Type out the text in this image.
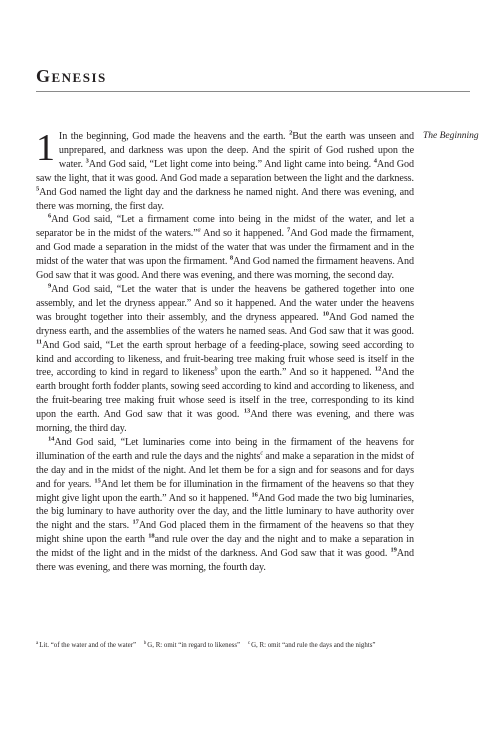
Genesis
The Beginning

1 In the beginning, God made the heavens and the earth. $^2$But the earth was unseen and unprepared, and darkness was upon the deep. And the spirit of God rushed upon the water. $^3$And God said, “Let light come into being.” And light came into being. $^4$And God saw the light, that it was good. And God made a separation between the light and the darkness. $^5$And God named the light day and the darkness he named night. And there was evening, and there was morning, the first day.

$^6$And God said, “Let a firmament come into being in the midst of the water, and let a separator be in the midst of the waters.”$^a$ And so it happened. $^7$And God made the firmament, and God made a separation in the midst of the water that was under the firmament and in the midst of the water that was upon the firmament. $^8$And God named the firmament heavens. And God saw that it was good. And there was evening, and there was morning, the second day.

$^9$And God said, “Let the water that is under the heavens be gathered together into one assembly, and let the dryness appear.” And so it happened. And the water under the heavens was brought together into their assembly, and the dryness appeared. $^{10}$And God named the dryness earth, and the assemblies of the waters he named seas. And God saw that it was good. $^{11}$And God said, “Let the earth sprout herbage of a feeding-place, sowing seed according to kind and according to likeness, and fruit-bearing tree making fruit whose seed is itself in the tree, according to kind in regard to likeness$^b$ upon the earth.” And so it happened. $^{12}$And the earth brought forth fodder plants, sowing seed according to kind and according to likeness, and the fruit-bearing tree making fruit whose seed is itself in the tree, corresponding to its kind upon the earth. And God saw that it was good. $^{13}$And there was evening, and there was morning, the third day.

$^{14}$And God said, “Let luminaries come into being in the firmament of the heavens for illumination of the earth and rule the days and the nights$^c$ and make a separation in the midst of the day and in the midst of the night. And let them be for a sign and for seasons and for days and for years. $^{15}$And let them be for illumination in the firmament of the heavens so that they might give light upon the earth.” And so it happened. $^{16}$And God made the two big luminaries, the big luminary to have authority over the day, and the little luminary to have authority over the night and the stars. $^{17}$And God placed them in the firmament of the heavens so that they might shine upon the earth $^{18}$and rule over the day and the night and to make a separation in the midst of the light and in the midst of the darkness. And God saw that it was good. $^{19}$And there was evening, and there was morning, the fourth day.

$^a$Lit. “of the water and of the water” $^b$G, R: omit “in regard to likeness” $^c$G, R: omit “and rule the days and the nights”
